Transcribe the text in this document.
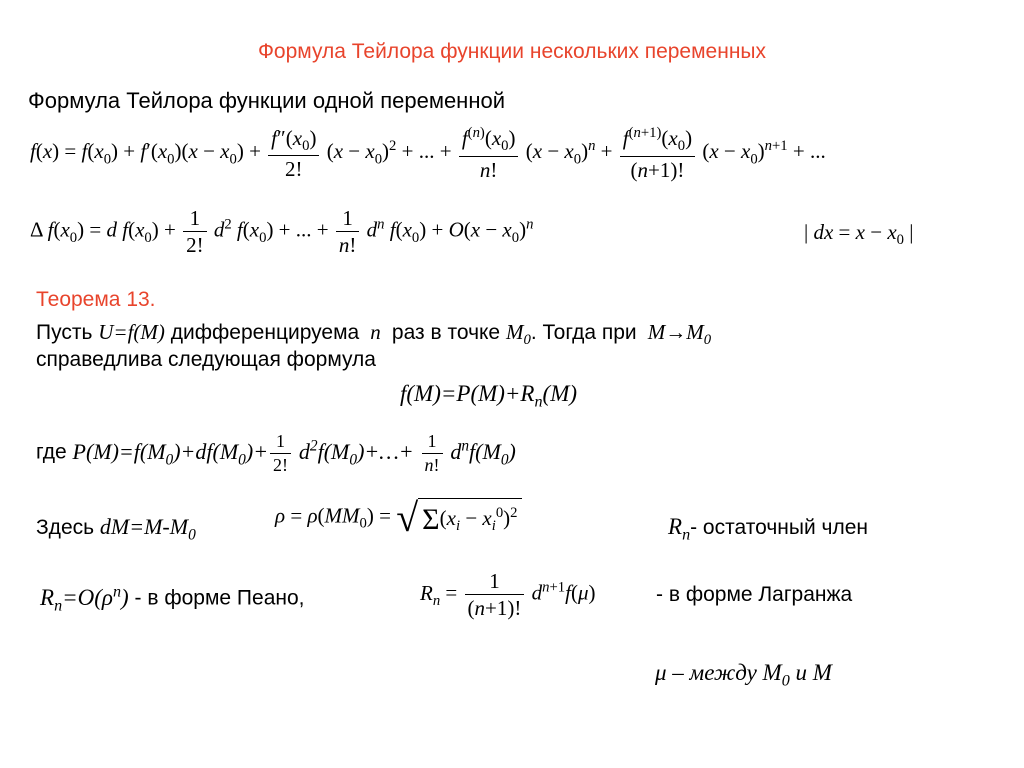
Формула Тейлора функции нескольких переменных
Формула Тейлора функции одной переменной
$f(x) = f(x_0) + f'(x_0)(x - x_0) + \frac{f''(x_0)}{2!} (x - x_0)^2$ + ... + $\frac{f^{(n)}(x_0)}{n!} (x - x_0)^n + \frac{f^{(n+1)}(x_0)}{(n+1)!} (x - x_0)^{n+1}$ + ...
Δ $f(x_0) = d$ $f(x_0) + \frac{1}{2!} d^2$ $f(x_0)$ + ... + $\frac{1}{n!} d^n$ $f(x_0) + O(x - x_0)^n$	| dx = $x - x_0$ |
Теорема 13.
Пусть U=f(M) дифференцируема  n  раз в точке $M_0$. Тогда при  $M\to M_0$
справедлива следующая формула
$f(M)=P(M)+R_n(M)$
где $P(M)=f(M_0)+df(M_0)+ \frac{1}{2!}$ $d^2f(M_0)+\dots+ \frac{1}{n!} d^nf(M_0)$
Здесь $dM=M-M_0$
$\rho = \rho(MM_0)$ = √ $\Sigma(x_i - x_i^0)^2$
$R_n-$ остаточный член
$R_n=O(\rho^n) - в$ форме Пеано,	$R_n = \frac{1}{(n+1)!} d^{n+1}f(\mu)$	- в форме Лагранжа
μ – между $M_0$ и M
